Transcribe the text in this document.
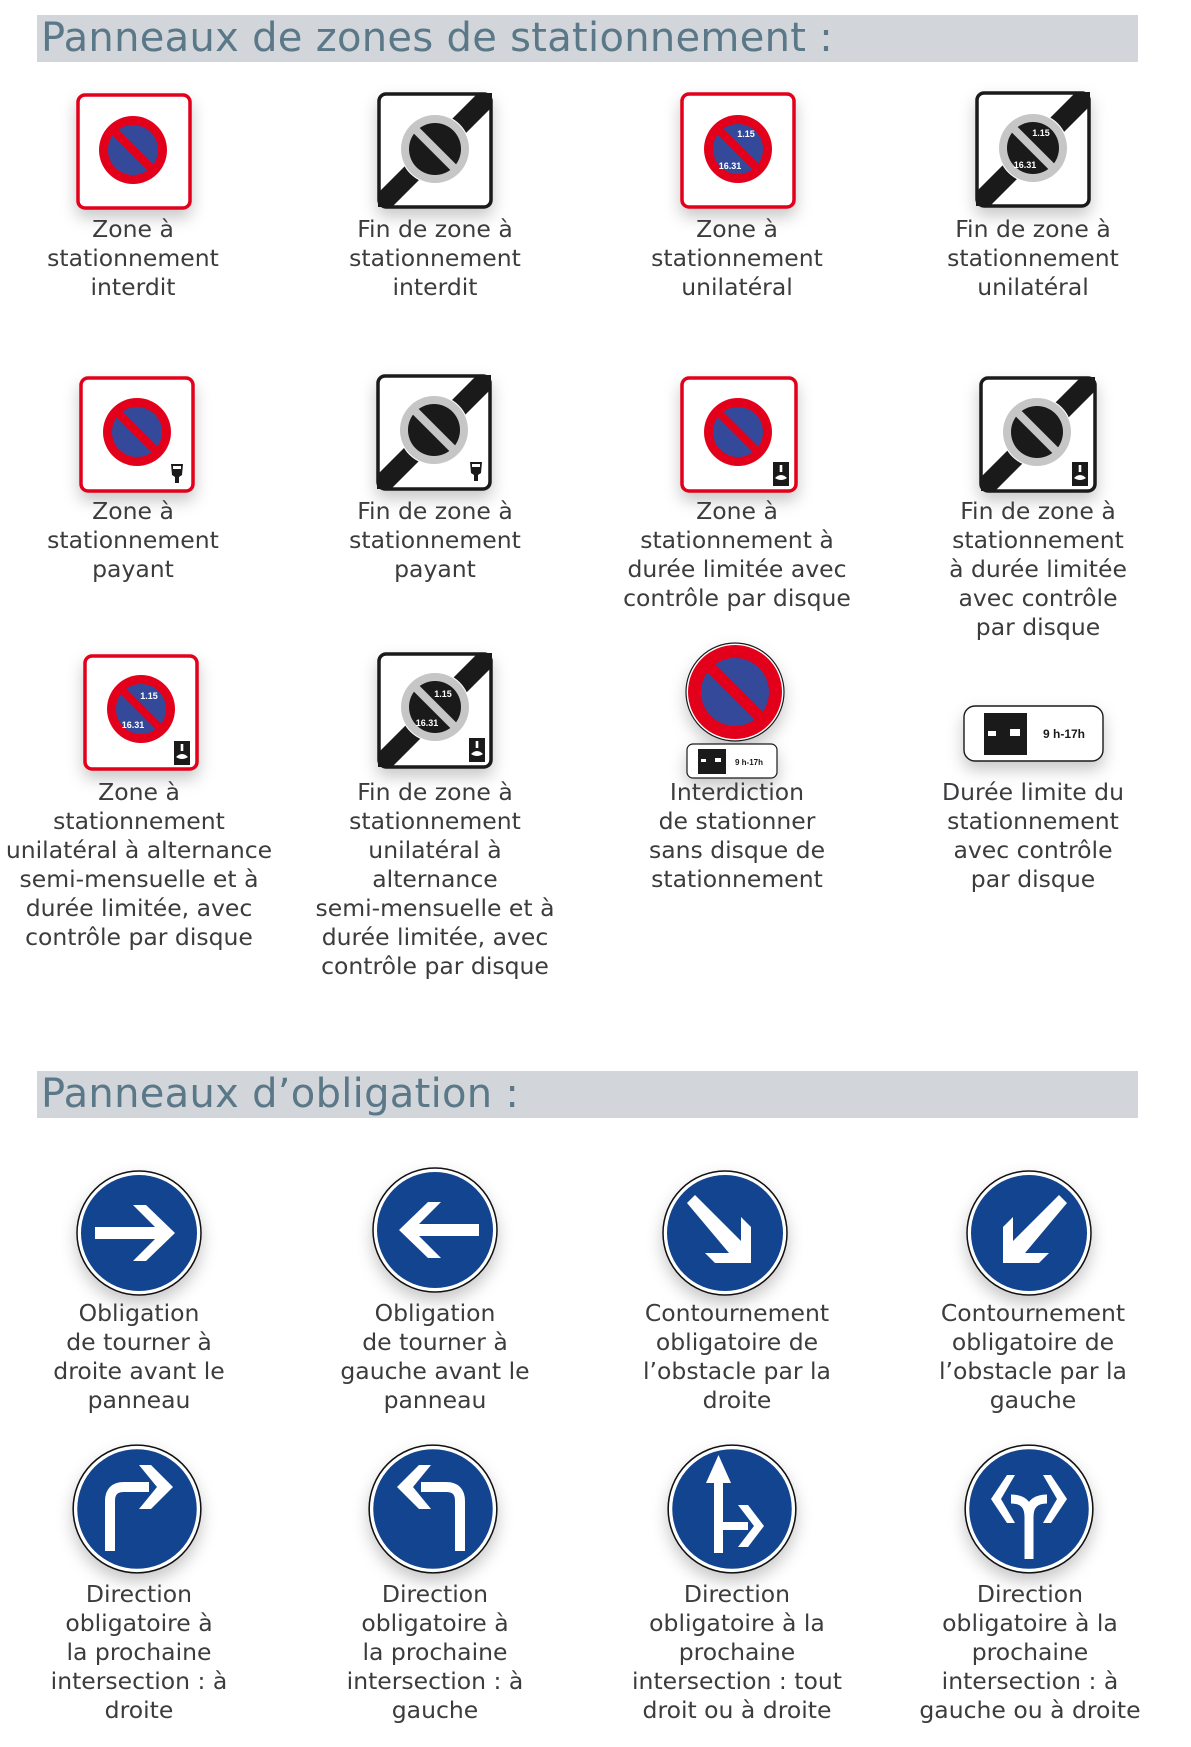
Panneaux de zones de stationnement :
Zone à
stationnement
interdit
Fin de zone à
stationnement
interdit
1.15
16.31
Zone à
stationnement
unilatéral
1.15
16.31
Fin de zone à
stationnement
unilatéral
Zone à
stationnement
payant
Fin de zone à
stationnement
payant
Zone à
stationnement à
durée limitée avec
contrôle par disque
Fin de zone à
stationnement
à durée limitée
avec contrôle
par disque
1.15
16.31
Zone à
stationnement
unilatéral à alternance
semi-mensuelle et à
durée limitée, avec
contrôle par disque
1.15
16.31
Fin de zone à
stationnement
unilatéral à
alternance
semi-mensuelle et à
durée limitée, avec
contrôle par disque
9 h-17h
Interdiction
de stationner
sans disque de
stationnement
9 h-17h
Durée limite du
stationnement
avec contrôle
par disque
Panneaux d’obligation :
Obligation
de tourner à
droite avant le
panneau
Obligation
de tourner à
gauche avant le
panneau
Contournement
obligatoire de
l’obstacle par la
droite
Contournement
obligatoire de
l’obstacle par la
gauche
Direction
obligatoire à
la prochaine
intersection : à
droite
Direction
obligatoire à
la prochaine
intersection : à
gauche
Direction
obligatoire à la
prochaine
intersection : tout
droit ou à droite
Direction
obligatoire à la
prochaine
intersection : à
gauche ou à droite
